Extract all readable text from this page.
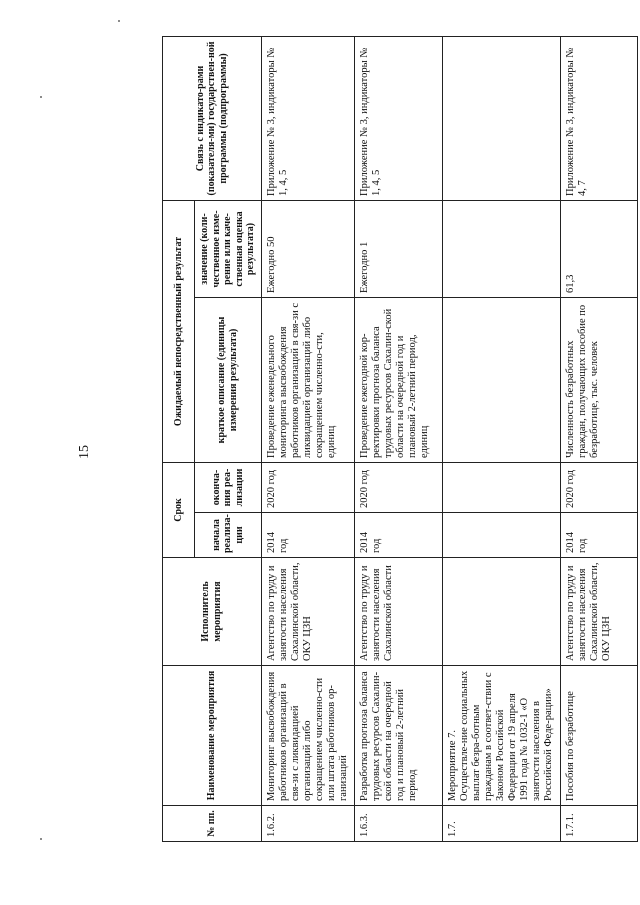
15
№ пп.	Наименование мероприятия	Исполнитель мероприятия	Срок		Ожидаемый непосредственный результат		Связь с индикато-рами (показателя-ми) государствен-ной программы (подпрограммы)
			начала реализа-ции	оконча-ния реа-лизации	краткое описание (единицы измерения результата)	значение (коли-чественное изме-рение или каче-ственная оценка результата)	
1.6.2.	Мониторинг высвобождения работников организаций в свя-зи с ликвидацией организаций либо сокращением численно-сти или штата работников ор-ганизаций	Агентство по труду и занятости населения Сахалинской области, ОКУ ЦЗН	2014 год	2020 год	Проведение еженедельного мониторинга высвобождения работников организаций в свя-зи с ликвидацией организаций либо сокращением численно-сти, единиц	Ежегодно 50	Приложение № 3, индикаторы № 1, 4, 5
1.6.3.	Разработка прогноза баланса трудовых ресурсов Сахалин-ской области на очередной год и плановый 2-летний период	Агентство по труду и занятости населения Сахалинской области	2014 год	2020 год	Проведение ежегодной кор-ректировки прогноза баланса трудовых ресурсов Сахалин-ской области на очередной год и плановый 2-летний период, единиц	Ежегодно 1	Приложение № 3, индикаторы № 1, 4, 5
1.7.	Мероприятие 7. Осуществле-ние социальных выплат безра-ботным гражданам в соответ-ствии с Законом Российской Федерации от 19 апреля 1991 года № 1032-1 «О занятости населения в Российской Феде-рации»						
1.7.1.	Пособия по безработице	Агентство по труду и занятости населения Сахалинской области, ОКУ ЦЗН	2014 год	2020 год	Численность безработных граждан, получающих пособие по безработице, тыс. человек	61,3	Приложение № 3, индикаторы № 4, 7
